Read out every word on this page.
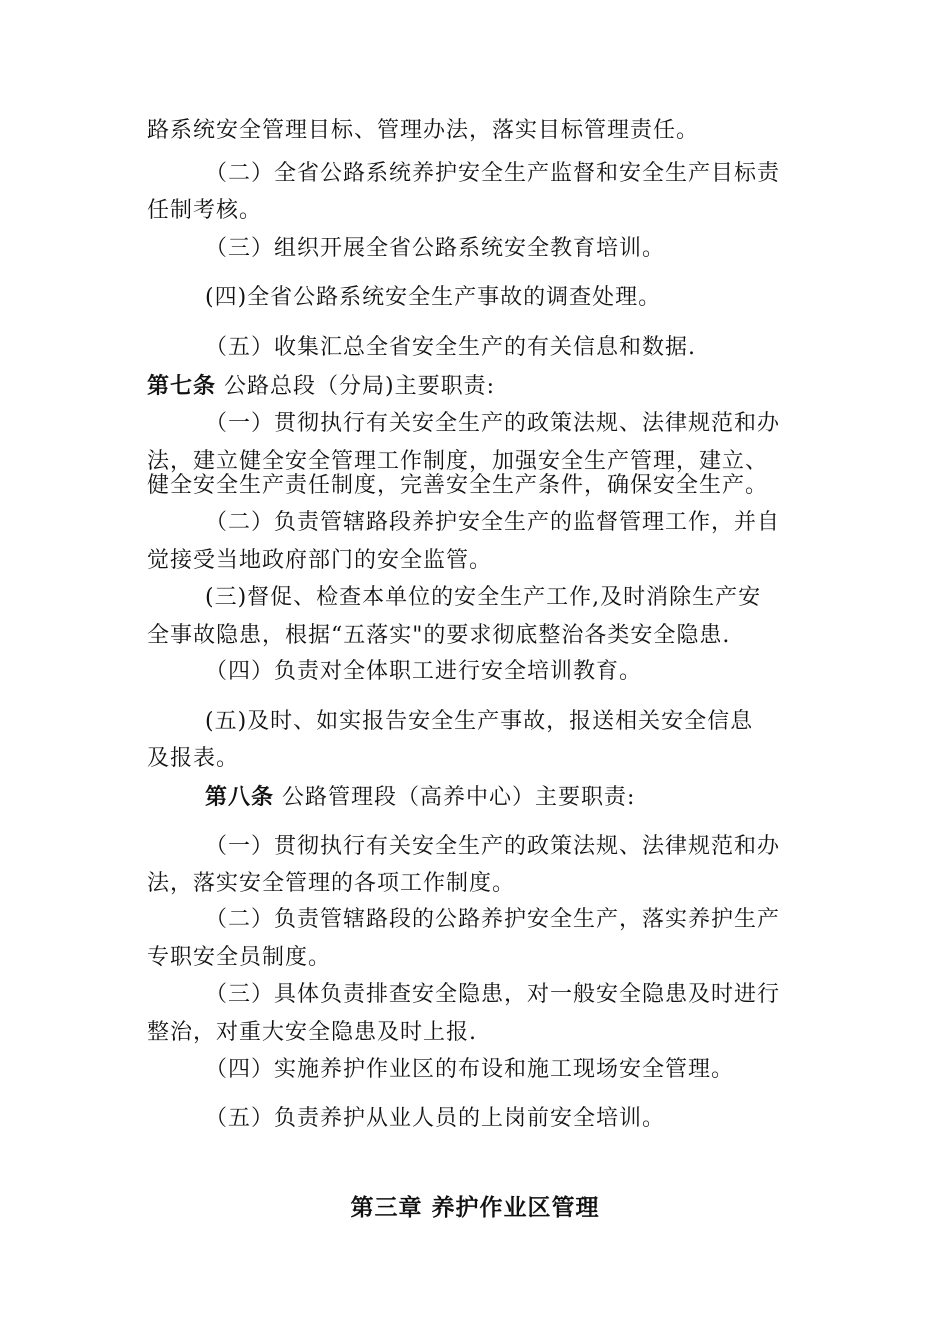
路系统安全管理目标、管理办法，落实目标管理责任。
（二）全省公路系统养护安全生产监督和安全生产目标责
任制考核。
（三）组织开展全省公路系统安全教育培训。
(四)全省公路系统安全生产事故的调查处理。
（五）收集汇总全省安全生产的有关信息和数据.
第七条 公路总段（分局)主要职责:
（一）贯彻执行有关安全生产的政策法规、法律规范和办
法，建立健全安全管理工作制度，加强安全生产管理，建立、
健全安全生产责任制度，完善安全生产条件，确保安全生产。
（二）负责管辖路段养护安全生产的监督管理工作，并自
觉接受当地政府部门的安全监管。
(三)督促、检查本单位的安全生产工作,及时消除生产安
全事故隐患，根据“五落实"的要求彻底整治各类安全隐患.
（四）负责对全体职工进行安全培训教育。
(五)及时、如实报告安全生产事故，报送相关安全信息
及报表。
第八条 公路管理段（高养中心）主要职责:
（一）贯彻执行有关安全生产的政策法规、法律规范和办
法，落实安全管理的各项工作制度。
（二）负责管辖路段的公路养护安全生产，落实养护生产
专职安全员制度。
（三）具体负责排查安全隐患，对一般安全隐患及时进行
整治，对重大安全隐患及时上报.
（四）实施养护作业区的布设和施工现场安全管理。
（五）负责养护从业人员的上岗前安全培训。
第三章 养护作业区管理
